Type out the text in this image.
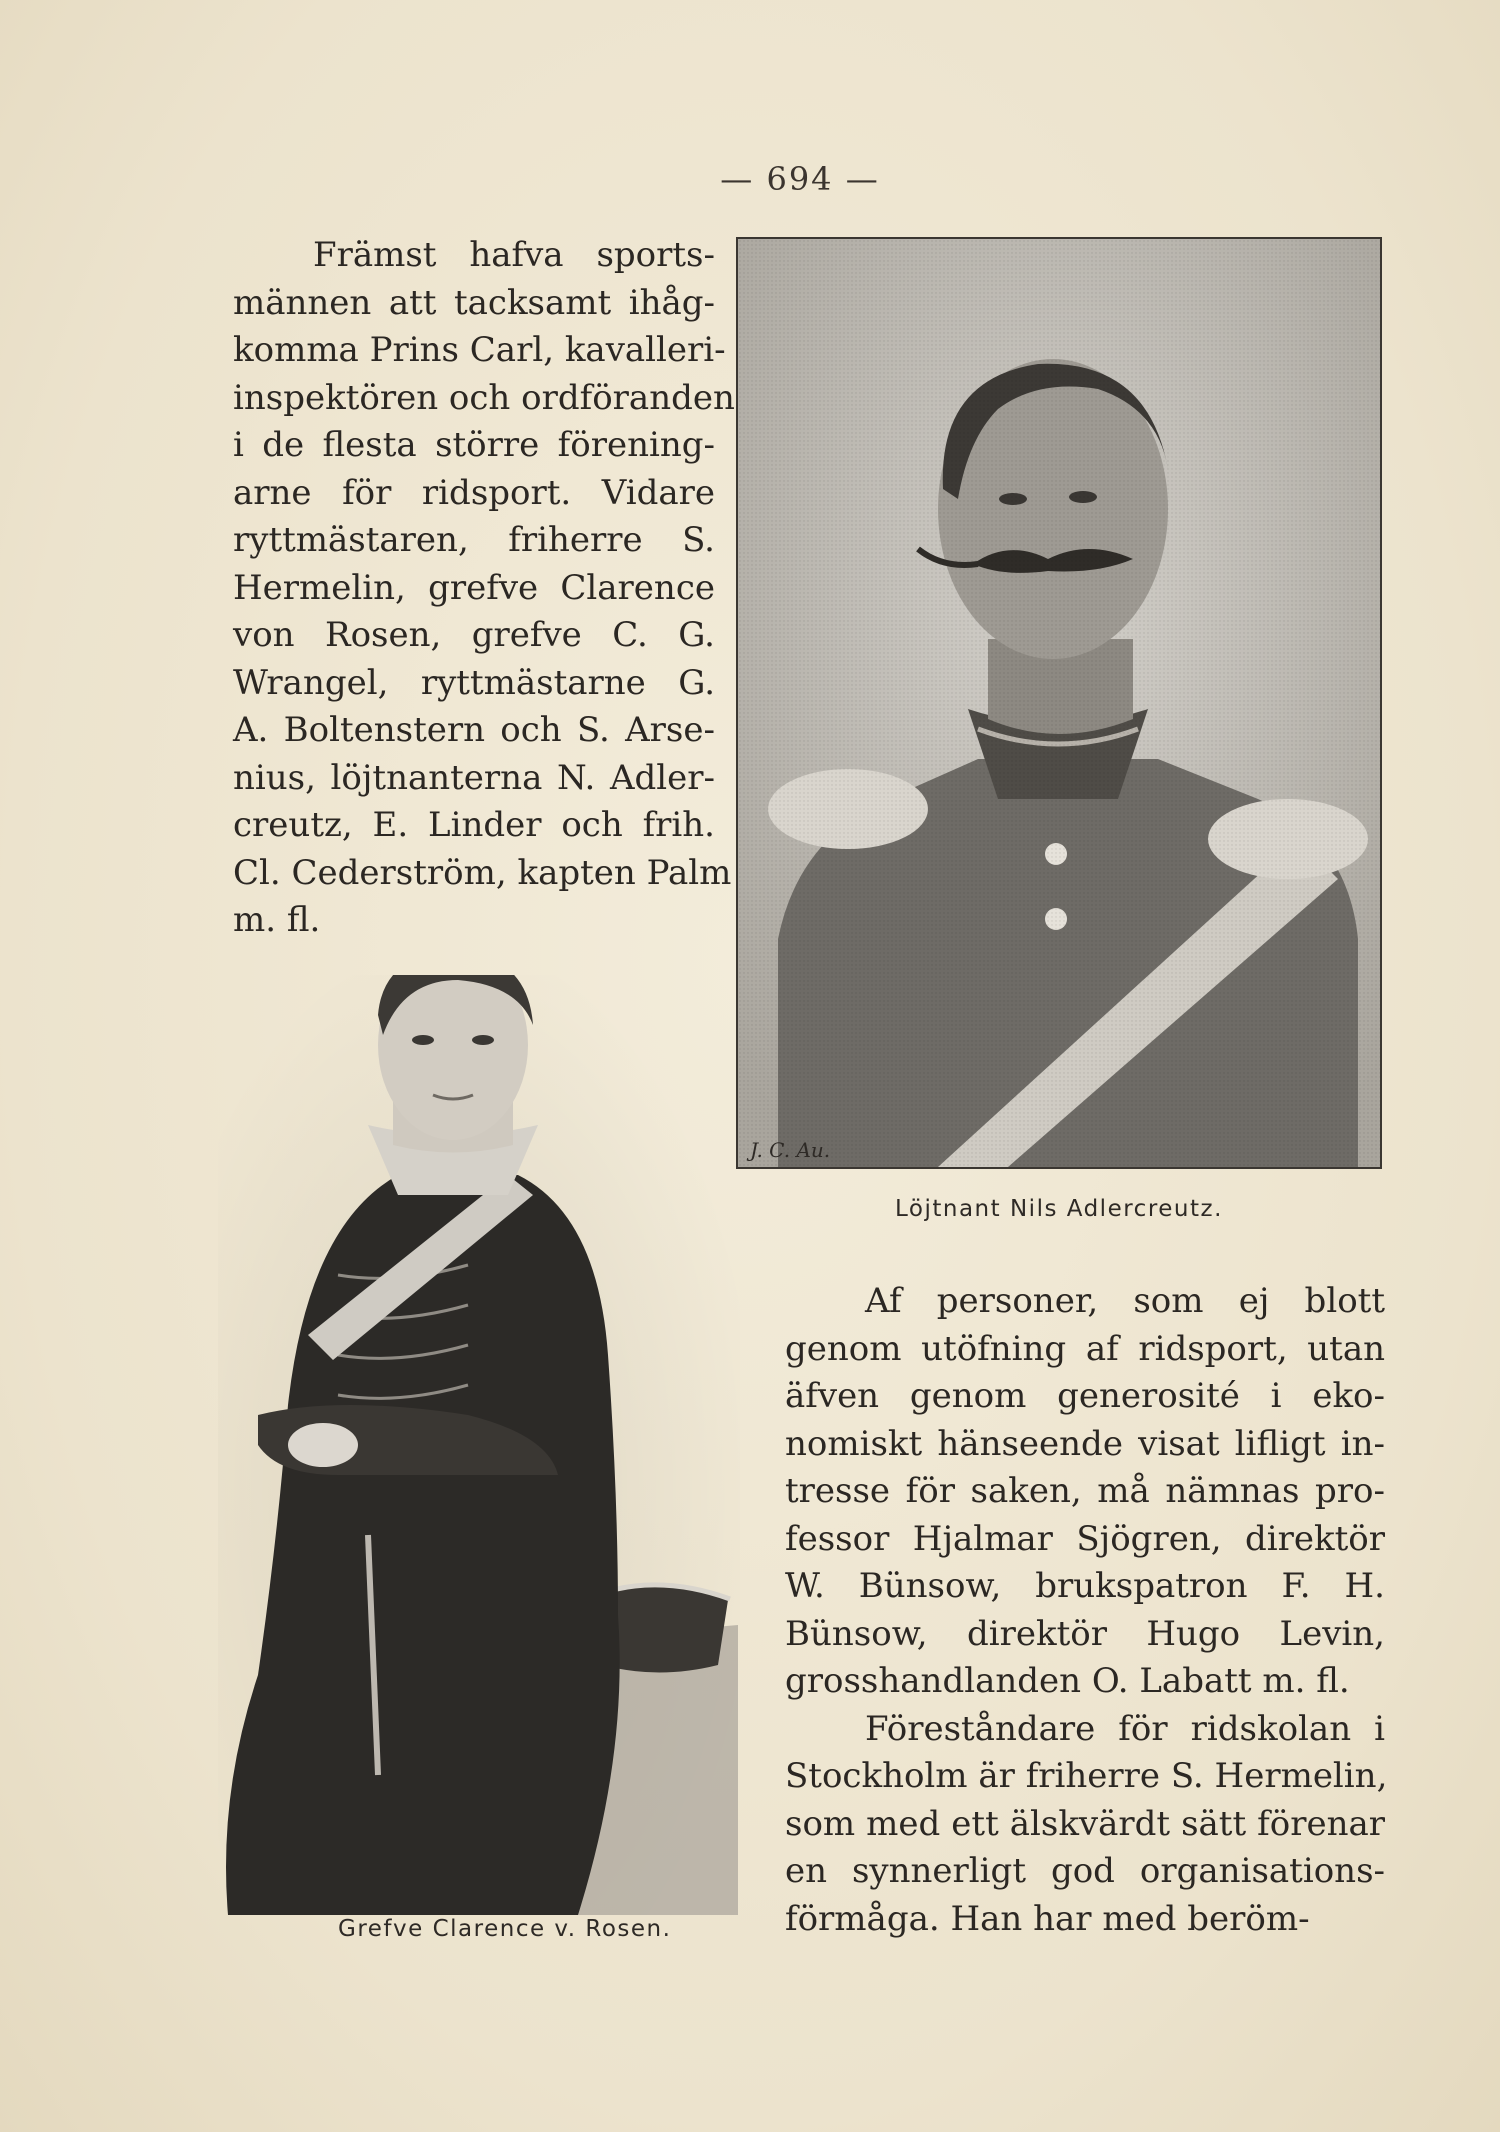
— 694 —
Främst hafva sports-
männen att tacksamt ihåg-
komma Prins Carl, kavalleri-
inspektören och ordföranden
i de flesta större förening-
arne för ridsport. Vidare
ryttmästaren, friherre S.
Hermelin, grefve Clarence
von Rosen, grefve C. G.
Wrangel, ryttmästarne G.
A. Boltenstern och S. Arse-
nius, löjtnanterna N. Adler-
creutz, E. Linder och frih.
Cl. Cederström, kapten Palm
m. fl.
J. C. Au.
Löjtnant Nils Adlercreutz.
Grefve Clarence v. Rosen.
Af personer, som ej blott
genom utöfning af ridsport, utan
äfven genom generosité i eko-
nomiskt hänseende visat lifligt in-
tresse för saken, må nämnas pro-
fessor Hjalmar Sjögren, direktör
W. Bünsow, brukspatron F. H.
Bünsow, direktör Hugo Levin,
grosshandlanden O. Labatt m. fl.
Föreståndare för ridskolan i
Stockholm är friherre S. Hermelin,
som med ett älskvärdt sätt förenar
en synnerligt god organisations-
förmåga. Han har med beröm-
